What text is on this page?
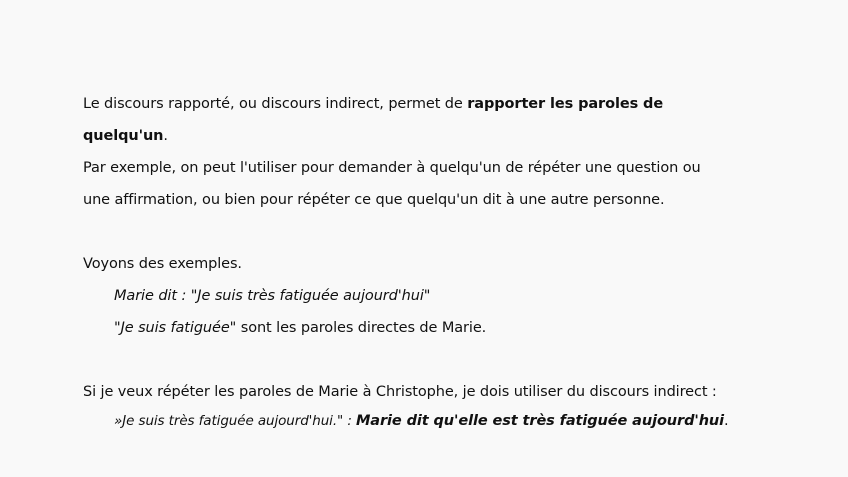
Le discours rapporté, ou discours indirect, permet de rapporter les paroles de
quelqu'un.
Par exemple, on peut l'utiliser pour demander à quelqu'un de répéter une question ou
une affirmation, ou bien pour répéter ce que quelqu'un dit à une autre personne.
Voyons des exemples.
Marie dit : "Je suis très fatiguée aujourd'hui"
"Je suis fatiguée" sont les paroles directes de Marie.
Si je veux répéter les paroles de Marie à Christophe, je dois utiliser du discours indirect :
»Je suis très fatiguée aujourd'hui." : Marie dit qu'elle est très fatiguée aujourd'hui.
